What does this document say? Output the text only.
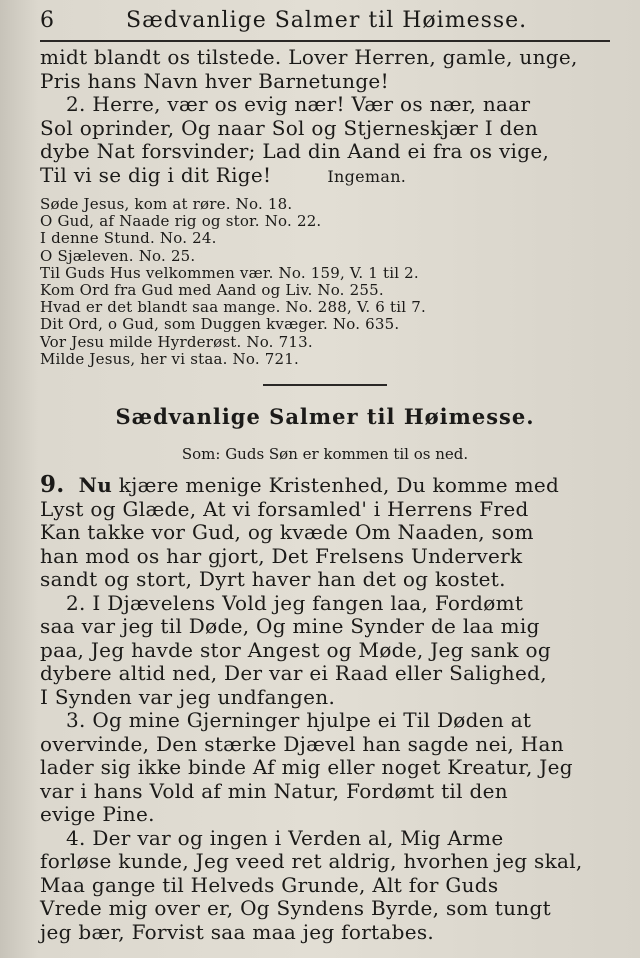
6	Sædvanlige Salmer til Høimesse.
midt blandt os tilstede. Lover Herren, gamle, unge,
Pris hans Navn hver Barnetunge!
2. Herre, vær os evig nær! Vær os nær, naar
Sol oprinder, Og naar Sol og Stjerneskjær I den
dybe Nat forsvinder; Lad din Aand ei fra os vige,
Til vi se dig i dit Rige!	Ingeman.
Søde Jesus, kom at røre. No. 18.
O Gud, af Naade rig og stor. No. 22.
I denne Stund. No. 24.
O Sjæleven. No. 25.
Til Guds Hus velkommen vær. No. 159, V. 1 til 2.
Kom Ord fra Gud med Aand og Liv. No. 255.
Hvad er det blandt saa mange. No. 288, V. 6 til 7.
Dit Ord, o Gud, som Duggen kvæger. No. 635.
Vor Jesu milde Hyrderøst. No. 713.
Milde Jesus, her vi staa. No. 721.
Sædvanlige Salmer til Høimesse.
Som: Guds Søn er kommen til os ned.
9. Nu kjære menige Kristenhed, Du komme med
Lyst og Glæde, At vi forsamled' i Herrens Fred
Kan takke vor Gud, og kvæde Om Naaden, som
han mod os har gjort, Det Frelsens Underverk
sandt og stort, Dyrt haver han det og kostet.
2. I Djævelens Vold jeg fangen laa, Fordømt
saa var jeg til Døde, Og mine Synder de laa mig
paa, Jeg havde stor Angest og Møde, Jeg sank og
dybere altid ned, Der var ei Raad eller Salighed,
I Synden var jeg undfangen.
3. Og mine Gjerninger hjulpe ei Til Døden at
overvinde, Den stærke Djævel han sagde nei, Han
lader sig ikke binde Af mig eller noget Kreatur, Jeg
var i hans Vold af min Natur, Fordømt til den
evige Pine.
4. Der var og ingen i Verden al, Mig Arme
forløse kunde, Jeg veed ret aldrig, hvorhen jeg skal,
Maa gange til Helveds Grunde, Alt for Guds
Vrede mig over er, Og Syndens Byrde, som tungt
jeg bær, Forvist saa maa jeg fortabes.
